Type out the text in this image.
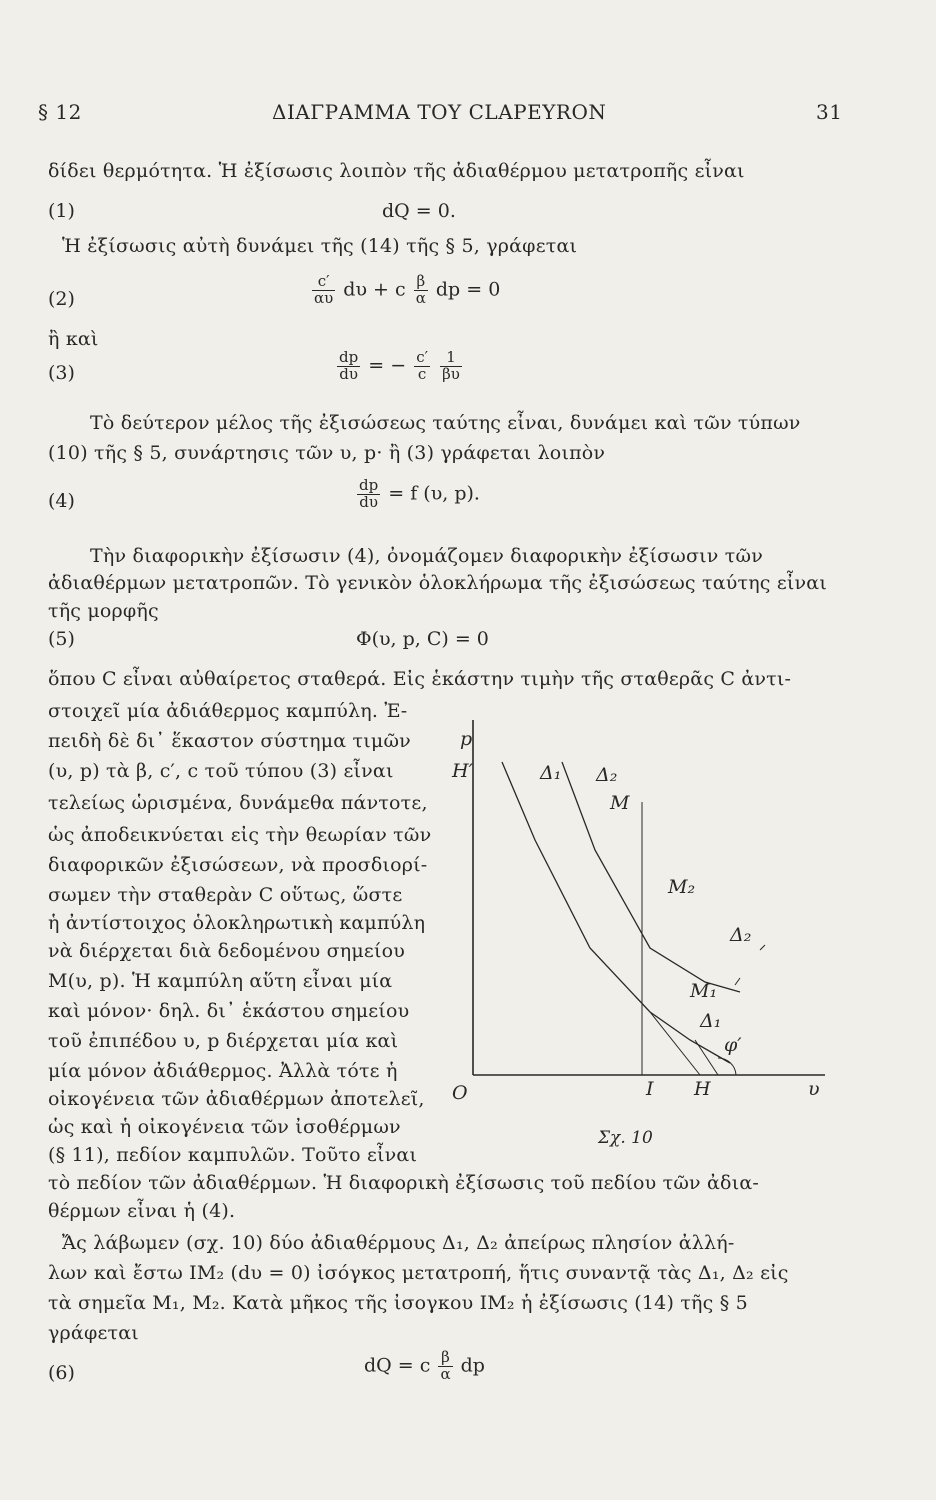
§ 12	ΔΙΑΓΡΑΜΜΑ ΤΟΥ CLAPEYRON	31
δίδει θερμότητα. Ἡ ἐξίσωσις λοιπὸν τῆς ἀδιαθέρμου μετατροπῆς εἶναι
(1)	dQ = 0.
Ἡ ἐξίσωσις αὐτὴ δυνάμει τῆς (14) τῆς § 5, γράφεται
(2)	$\frac{c'}{\alpha\upsilon}$ dυ + c $\frac{\beta}{\alpha}$ dp = 0
ἢ καὶ
(3)	$\frac{dp}{d\upsilon}$ = − $\frac{c'}{c}$
$\frac{1}{\beta\upsilon}$
Τὸ δεύτερον μέλος τῆς ἐξισώσεως ταύτης εἶναι, δυνάμει καὶ τῶν τύπων
(10) τῆς § 5, συνάρτησις τῶν υ, p· ἢ (3) γράφεται λοιπὸν
(4)	$\frac{dp}{d\upsilon} = f$ (υ, p).
Τὴν διαφορικὴν ἐξίσωσιν (4), ὀνομάζομεν διαφορικὴν ἐξίσωσιν τῶν
ἀδιαθέρμων μετατροπῶν. Τὸ γενικὸν ὁλοκλήρωμα τῆς ἐξισώσεως ταύτης εἶναι
τῆς μορφῆς
(5)	Φ(υ, p, C) = 0
ὅπου C εἶναι αὐθαίρετος σταθερά. Εἰς ἑκάστην τιμὴν τῆς σταθερᾶς C ἀντι-
στοιχεῖ μία ἀδιάθερμος καμπύλη. Ἐ-
πειδὴ δὲ δι᾽ ἕκαστον σύστημα τιμῶν
(υ, p) τὰ β, c′, c τοῦ τύπου (3) εἶναι
τελείως ὡρισμένα, δυνάμεθα πάντοτε,
ὡς ἀποδεικνύεται εἰς τὴν θεωρίαν τῶν
διαφορικῶν ἐξισώσεων, νὰ προσδιορί-
σωμεν τὴν σταθερὰν C οὕτως, ὥστε
ἡ ἀντίστοιχος ὁλοκληρωτικὴ καμπύλη
νὰ διέρχεται διὰ δεδομένου σημείου
M(υ, p). Ἡ καμπύλη αὕτη εἶναι μία
καὶ μόνον· δηλ. δι᾽ ἑκάστου σημείου
τοῦ ἐπιπέδου υ, p διέρχεται μία καὶ
μία μόνον ἀδιάθερμος. Ἀλλὰ τότε ἡ
οἰκογένεια τῶν ἀδιαθέρμων ἀποτελεῖ,
ὡς καὶ ἡ οἰκογένεια τῶν ἰσοθέρμων
(§ 11), πεδίον καμπυλῶν. Τοῦτο εἶναι
τὸ πεδίον τῶν ἀδιαθέρμων. Ἡ διαφορικὴ ἐξίσωσις τοῦ πεδίου τῶν ἀδια-
θέρμων εἶναι ἡ (4).
Ἄς λάβωμεν (σχ. 10) δύο ἀδιαθέρμους Δ₁, Δ₂ ἀπείρως πλησίον ἀλλή-
λων καὶ ἔστω IM₂ (dυ = 0) ἰσόγκος μετατροπή, ἥτις συναντᾷ τὰς Δ₁, Δ₂ εἰς
τὰ σημεῖα M₁, M₂. Κατὰ μῆκος τῆς ἰσογκου IM₂ ἡ ἐξίσωσις (14) τῆς § 5
γράφεται
(6)	dQ = c $\frac{\beta}{\alpha}$ dp
p
H′	Δ₁ Δ₂
M
M₂
Δ₂
M₁
Δ₁
φ′
O	I H	υ
Σχ. 10
